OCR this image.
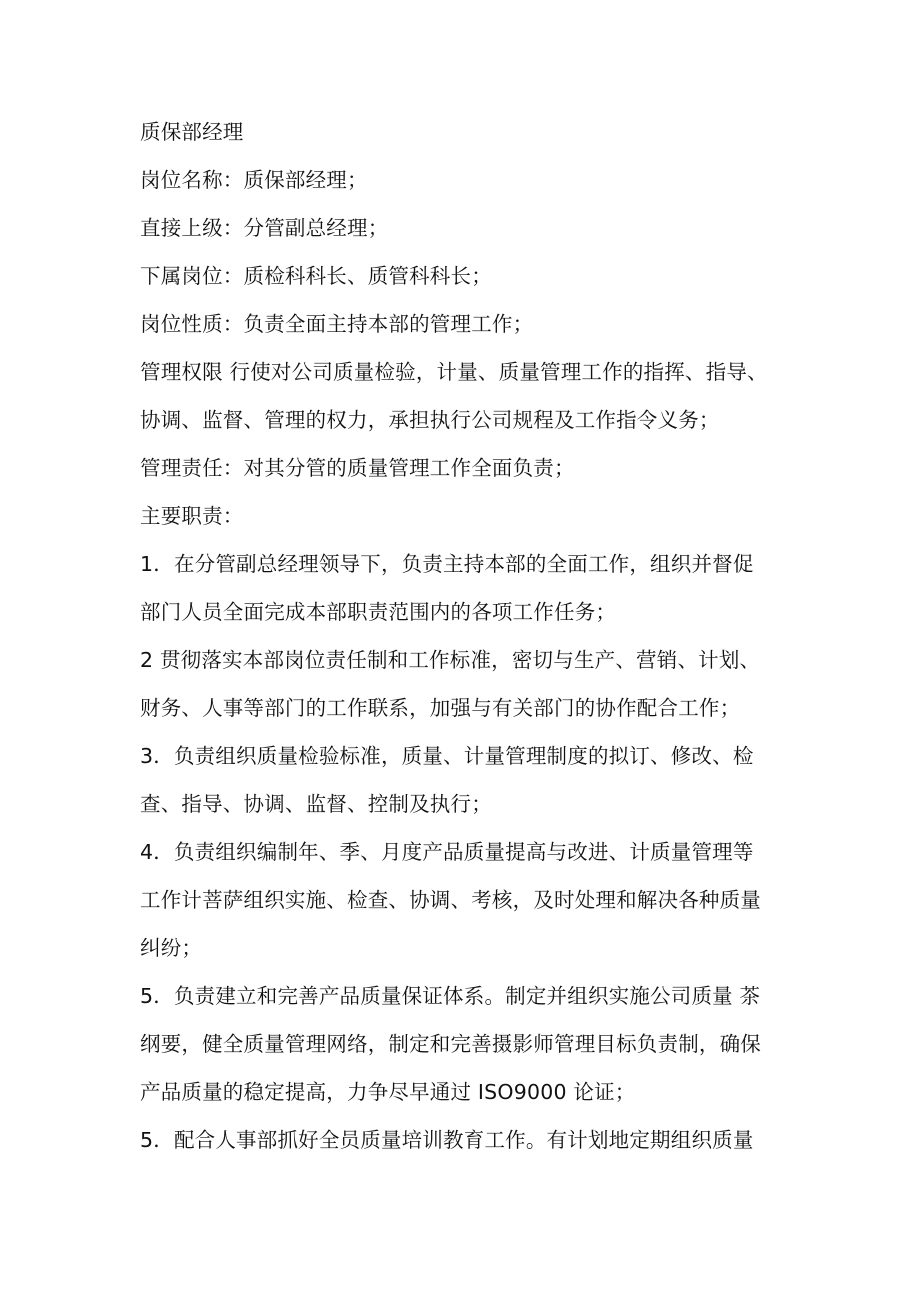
质保部经理
岗位名称：质保部经理；
直接上级：分管副总经理；
下属岗位：质检科科长、质管科科长；
岗位性质：负责全面主持本部的管理工作；
管理权限 行使对公司质量检验，计量、质量管理工作的指挥、指导、
协调、监督、管理的权力，承担执行公司规程及工作指令义务；
管理责任：对其分管的质量管理工作全面负责；
主要职责：
1．在分管副总经理领导下，负责主持本部的全面工作，组织并督促
部门人员全面完成本部职责范围内的各项工作任务；
2 贯彻落实本部岗位责任制和工作标准，密切与生产、营销、计划、
财务、人事等部门的工作联系，加强与有关部门的协作配合工作；
3．负责组织质量检验标准，质量、计量管理制度的拟订、修改、检
查、指导、协调、监督、控制及执行；
4．负责组织编制年、季、月度产品质量提高与改进、计质量管理等
工作计菩萨组织实施、检查、协调、考核，及时处理和解决各种质量
纠纷；
5．负责建立和完善产品质量保证体系。制定并组织实施公司质量 茶
纲要，健全质量管理网络，制定和完善摄影师管理目标负责制，确保
产品质量的稳定提高，力争尽早通过 ISO9000 论证；
5．配合人事部抓好全员质量培训教育工作。有计划地定期组织质量
